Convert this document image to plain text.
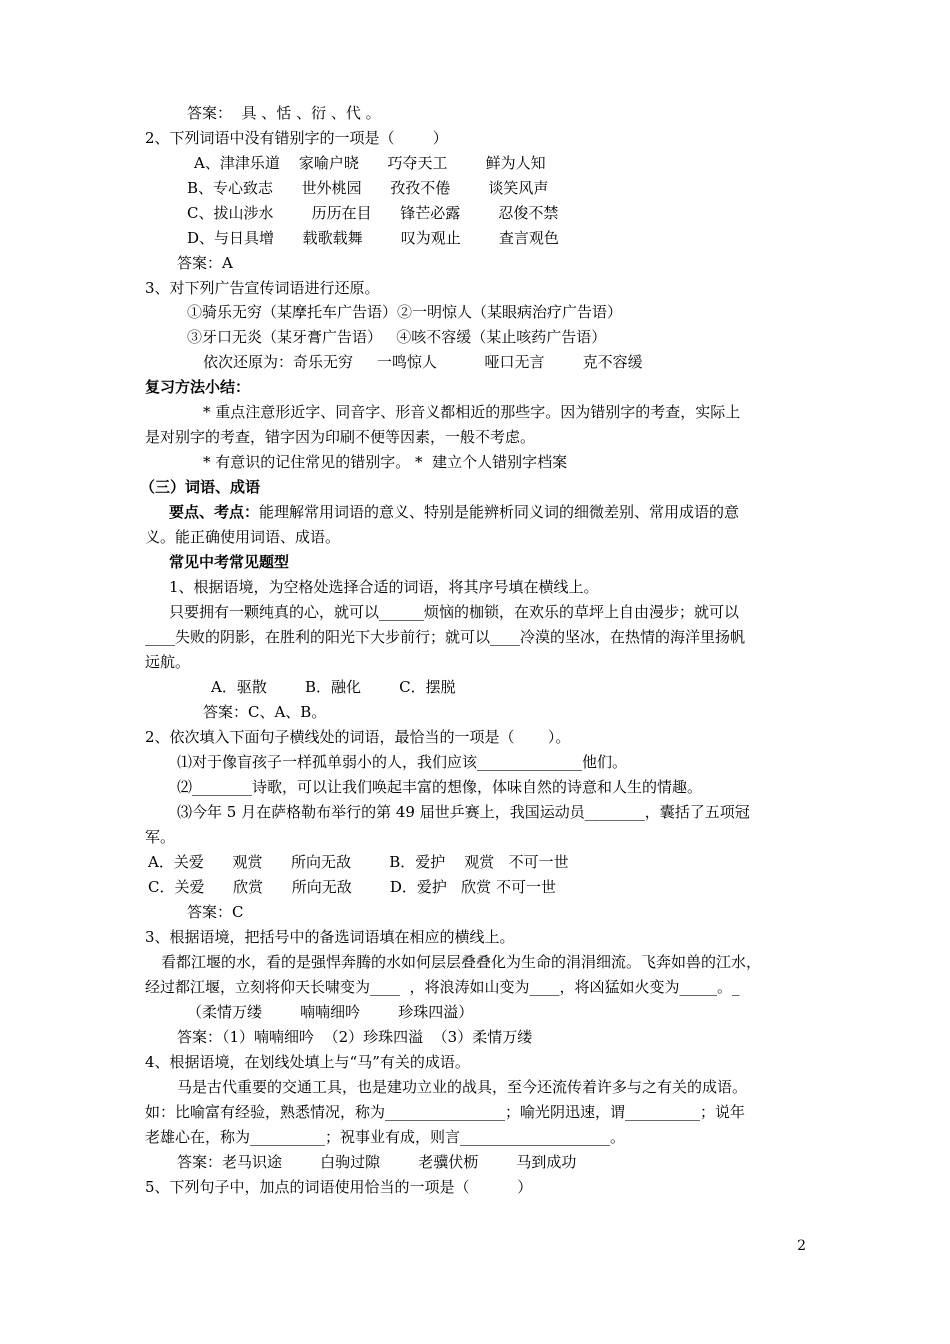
答案：  具 、恬 、衍 、代 。
2、下列词语中没有错别字的一项是（        ）
A、津津乐道    家喻户晓      巧夺天工        鲜为人知
B、专心致志      世外桃园      孜孜不倦        谈笑风声
C、拔山涉水        历历在目      锋芒必露        忍俊不禁
D、与日具增      载歌载舞        叹为观止        查言观色
答案：A
3、对下列广告宣传词语进行还原。
①骑乐无穷（某摩托车广告语）②一明惊人（某眼病治疗广告语）
③牙口无炎（某牙膏广告语）   ④咳不容缓（某止咳药广告语）
依次还原为：奇乐无穷     一鸣惊人          哑口无言        克不容缓
复习方法小结：
* 重点注意形近字、同音字、形音义都相近的那些字。因为错别字的考查，实际上
是对别字的考查，错字因为印刷不便等因素，一般不考虑。
* 有意识的记住常见的错别字。 *  建立个人错别字档案
（三）词语、成语
要点、考点：能理解常用词语的意义、特别是能辨析同义词的细微差别、常用成语的意
义。能正确使用词语、成语。
常见中考常见题型
1、根据语境，为空格处选择合适的词语，将其序号填在横线上。
只要拥有一颗纯真的心，就可以______烦恼的枷锁，在欢乐的草坪上自由漫步；就可以
____失败的阴影，在胜利的阳光下大步前行；就可以____冷漠的坚冰，在热情的海洋里扬帆
远航。
A．驱散        B．融化        C．摆脱
答案：C、A、B。
2、依次填入下面句子横线处的词语，最恰当的一项是（       ）。
⑴对于像盲孩子一样孤单弱小的人，我们应该______________他们。
⑵________诗歌，可以让我们唤起丰富的想像，体味自然的诗意和人生的情趣。
⑶今年 5 月在萨格勒布举行的第 49 届世乒赛上，我国运动员________，囊括了五项冠
军。
A．关爱      观赏      所向无敌        B．爱护    观赏   不可一世
C．关爱      欣赏      所向无敌        D．爱护   欣赏 不可一世
答案：C
3、根据语境，把括号中的备选词语填在相应的横线上。
看都江堰的水，看的是强悍奔腾的水如何层层叠叠化为生命的涓涓细流。飞奔如兽的江水，
经过都江堰，立刻将仰天长啸变为____  ，将浪涛如山变为____，将凶猛如火变为_____。_
（柔情万缕        喃喃细吟        珍珠四溢）
答案：（1）喃喃细吟  （2）珍珠四溢  （3）柔情万缕
4、根据语境，在划线处填上与“马”有关的成语。
马是古代重要的交通工具，也是建功立业的战具，至今还流传着许多与之有关的成语。
如：比喻富有经验，熟悉情况，称为________________；喻光阴迅速，谓__________；说年
老雄心在，称为__________；祝事业有成，则言____________________。
答案：老马识途        白驹过隙        老骥伏枥        马到成功
5、下列句子中，加点的词语使用恰当的一项是（          ）
2
